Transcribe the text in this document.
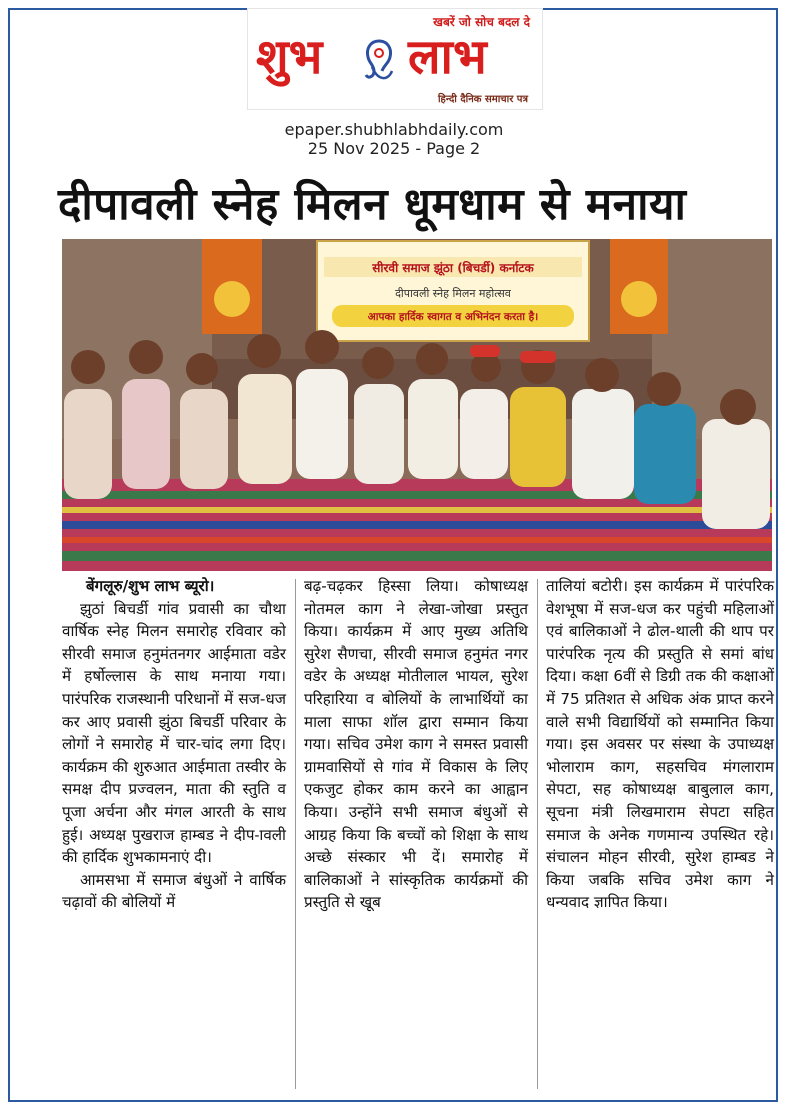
खबरें जो सोच बदल दे
शुभ लाभ
हिन्दी दैनिक समाचार पत्र
epaper.shubhlabhdaily.com
25 Nov 2025 - Page 2
दीपावली स्नेह मिलन धूमधाम से मनाया
सीरवी समाज झूंठा (बिचर्डी) कर्नाटक
दीपावली स्नेह मिलन महोत्सव
आपका हार्दिक स्वागत व अभिनंदन करता है।
बेंगलूरु/शुभ लाभ ब्यूरो।

झुठां बिचर्डी गांव प्रवासी का चौथा वार्षिक स्नेह मिलन समारोह रविवार को सीरवी समाज हनुमंतनगर आईमाता वडेर में हर्षोल्लास के साथ मनाया गया। पारंपरिक राजस्थानी परिधानों में सज-धज कर आए प्रवासी झुंठा बिचर्डी परिवार के लोगों ने समारोह में चार-चांद लगा दिए। कार्यक्रम की शुरुआत आईमाता तस्वीर के समक्ष दीप प्रज्वलन, माता की स्तुति व पूजा अर्चना और मंगल आरती के साथ हुई। अध्यक्ष पुखराज हाम्बड ने दीप-ावली की हार्दिक शुभकामनाएं दी।

आमसभा में समाज बंधुओं ने वार्षिक चढ़ावों की बोलियों में

बढ़-चढ़कर हिस्सा लिया। कोषाध्यक्ष नोतमल काग ने लेखा-जोखा प्रस्तुत किया। कार्यक्रम में आए मुख्य अतिथि सुरेश सैणचा, सीरवी समाज हनुमंत नगर वडेर के अध्यक्ष मोतीलाल भायल, सुरेश परिहारिया व बोलियों के लाभार्थियों का माला साफा शॉल द्वारा सम्मान किया गया। सचिव उमेश काग ने समस्त प्रवासी ग्रामवासियों से गांव में विकास के लिए एकजुट होकर काम करने का आह्वान किया। उन्होंने सभी समाज बंधुओं से आग्रह किया कि बच्चों को शिक्षा के साथ अच्छे संस्कार भी दें। समारोह में बालिकाओं ने सांस्कृतिक कार्यक्रमों की प्रस्तुति से खूब

तालियां बटोरी। इस कार्यक्रम में पारंपरिक वेशभूषा में सज-धज कर पहुंची महिलाओं एवं बालिकाओं ने ढोल-थाली की थाप पर पारंपरिक नृत्य की प्रस्तुति से समां बांध दिया। कक्षा 6वीं से डिग्री तक की कक्षाओं में 75 प्रतिशत से अधिक अंक प्राप्त करने वाले सभी विद्यार्थियों को सम्मानित किया गया। इस अवसर पर संस्था के उपाध्यक्ष भोलाराम काग, सहसचिव मंगलाराम सेपटा, सह कोषाध्यक्ष बाबुलाल काग, सूचना मंत्री लिखमाराम सेपटा सहित समाज के अनेक गणमान्य उपस्थित रहे। संचालन मोहन सीरवी, सुरेश हाम्बड ने किया जबकि सचिव उमेश काग ने धन्यवाद ज्ञापित किया।
